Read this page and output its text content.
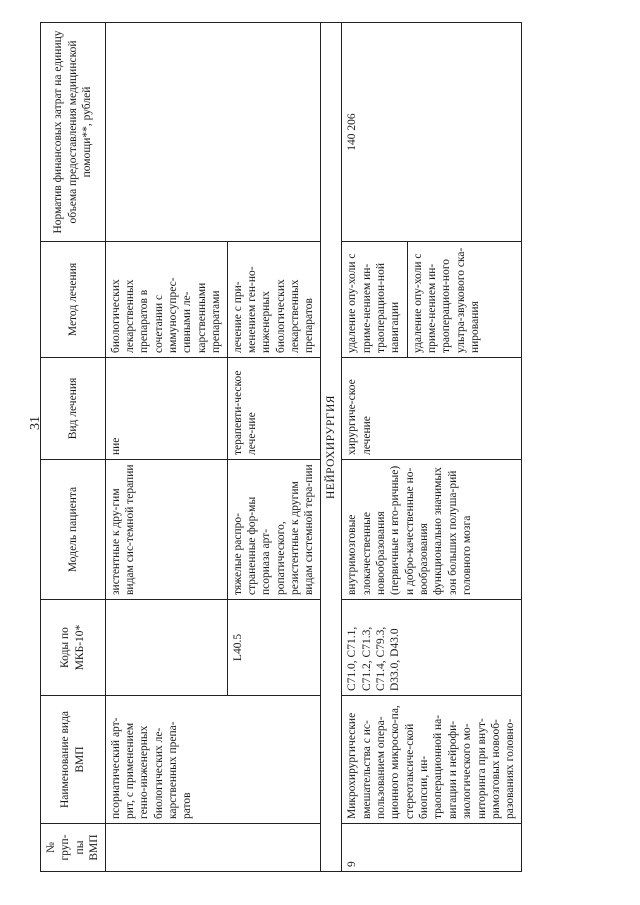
31
№ груп-пы ВМП	Наименование вида ВМП	Коды по МКБ-10*	Модель пациента	Вид лечения	Метод лечения	Норматив финансовых затрат на единицу объема предоставления медицинской помощи**, рублей
	псориатический арт-рит, с применением генно-инженерных биологических ле-карственных препа-ратов		зистентные к дру-гим видам сис-темной терапии	ние	биологических лекарственных препаратов в сочетании с иммуносупрес-сивными ле-карственными препаратами	
		L40.5	тяжелые распро-страненные фор-мы псориаза арт-ропатического, резистентные к другим видам системной тера-пии	терапевти-ческое лече-ние	лечение с при-менением ген-но-инженерных биологических лекарственных препаратов	
НЕЙРОХИРУРГИЯ						
9	Микрохирургические вмешательства с ис-пользованием опера-ционного микроско-па, стереотаксиче-ской биопсии, ин-траоперационной на-вигации и нейрофи-зиологического мо-ниторинга при внут-римозговых новооб-разованиях головно-	C71.0, C71.1, C71.2, C71.3, C71.4, C79.3, D33.0, D43.0	внутримозговые злокачественные новообразования (первичные и вто-ричные) и добро-качественные но-вообразования функционально значимых зон больших полуша-рий головного мозга	хирургиче-ское лечение	удаление опу-холи с приме-нением ин-траоперацион-ной навигации удаление опу-холи с приме-нением ин-траоперацион-ного ультра-звукового ска-нирования	140 206
